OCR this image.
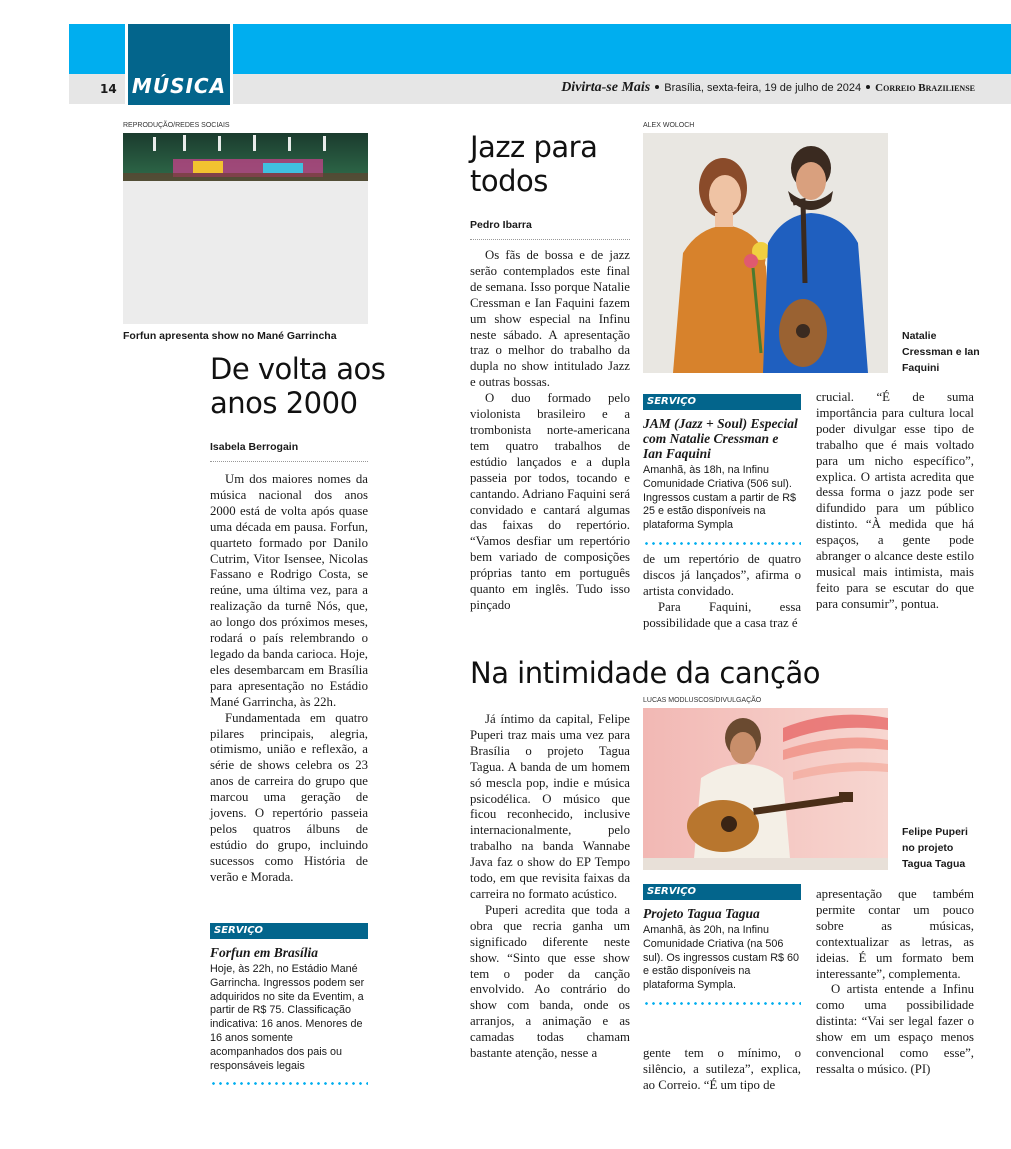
MÚSICA
14	Divirta-se Mais Brasília, sexta-feira, 19 de julho de 2024 Correio Braziliense
REPRODUÇÃO/REDES SOCIAIS
Forfun apresenta show no Mané Garrincha
De volta aos
anos 2000
Isabela Berrogain

Um dos maiores nomes da música nacional dos anos 2000 está de volta após quase uma década em pausa. Forfun, quarteto formado por Danilo Cutrim, Vitor Isensee, Nicolas Fassano e Rodrigo Costa, se reúne, uma última vez, para a realização da turnê Nós, que, ao longo dos próximos meses, rodará o país relembrando o legado da banda carioca. Hoje, eles desembarcam em Brasília para apresentação no Estádio Mané Garrincha, às 22h.

Fundamentada em quatro pilares principais, alegria, otimismo, união e reflexão, a série de shows celebra os 23 anos de carreira do grupo que marcou uma geração de jovens. O repertório passeia pelos quatros álbuns de estúdio do grupo, incluindo sucessos como História de verão e Morada.

SERVIÇO
Forfun em Brasília
Hoje, às 22h, no Estádio Mané Garrincha. Ingressos podem ser adquiridos no site da Eventim, a partir de R$ 75. Classificação indicativa: 16 anos. Menores de 16 anos somente acompanhados dos pais ou responsáveis legais
Jazz para
todos
Pedro Ibarra

Os fãs de bossa e de jazz serão contemplados este final de semana. Isso porque Natalie Cressman e Ian Faquini fazem um show especial na Infinu neste sábado. A apresentação traz o melhor do trabalho da dupla no show intitulado Jazz e outras bossas.

O duo formado pelo violonista brasileiro e a trombonista norte-americana tem quatro trabalhos de estúdio lançados e a dupla passeia por todos, tocando e cantando. Adriano Faquini será convidado e cantará algumas das faixas do repertório. “Vamos desfiar um repertório bem variado de composições próprias tanto em português quanto em inglês. Tudo isso pinçado

ALEX WOLOCH
Natalie Cressman e Ian Faquini
SERVIÇO
JAM (Jazz + Soul) Especial com Natalie Cressman e Ian Faquini
Amanhã, às 18h, na Infinu Comunidade Criativa (506 sul). Ingressos custam a partir de R$ 25 e estão disponíveis na plataforma Sympla

de um repertório de quatro discos já lançados”, afirma o artista convidado.

Para Faquini, essa possibilidade que a casa traz é

crucial. “É de suma importância para cultura local poder divulgar esse tipo de trabalho que é mais voltado para um nicho específico”, explica. O artista acredita que dessa forma o jazz pode ser difundido para um público distinto. “À medida que há espaços, a gente pode abranger o alcance deste estilo musical mais intimista, mais feito para se escutar do que para consumir”, pontua.

Na intimidade da canção

Já íntimo da capital, Felipe Puperi traz mais uma vez para Brasília o projeto Tagua Tagua. A banda de um homem só mescla pop, indie e música psicodélica. O músico que ficou reconhecido, inclusive internacionalmente, pelo trabalho na banda Wannabe Java faz o show do EP Tempo todo, em que revisita faixas da carreira no formato acústico.

Puperi acredita que toda a obra que recria ganha um significado diferente neste show. “Sinto que esse show tem o poder da canção envolvido. Ao contrário do show com banda, onde os arranjos, a animação e as camadas todas chamam bastante atenção, nesse a

LUCAS MODLUSCOS/DIVULGAÇÃO
Felipe Puperi no projeto Tagua Tagua
SERVIÇO
Projeto Tagua Tagua
Amanhã, às 20h, na Infinu Comunidade Criativa (na 506 sul). Os ingressos custam R$ 60 e estão disponíveis na plataforma Sympla.

gente tem o mínimo, o silêncio, a sutileza”, explica, ao Correio. “É um tipo de

apresentação que também permite contar um pouco sobre as músicas, contextualizar as letras, as ideias. É um formato bem interessante”, complementa.

O artista entende a Infinu como uma possibilidade distinta: “Vai ser legal fazer o show em um espaço menos convencional como esse”, ressalta o músico. (PI)
